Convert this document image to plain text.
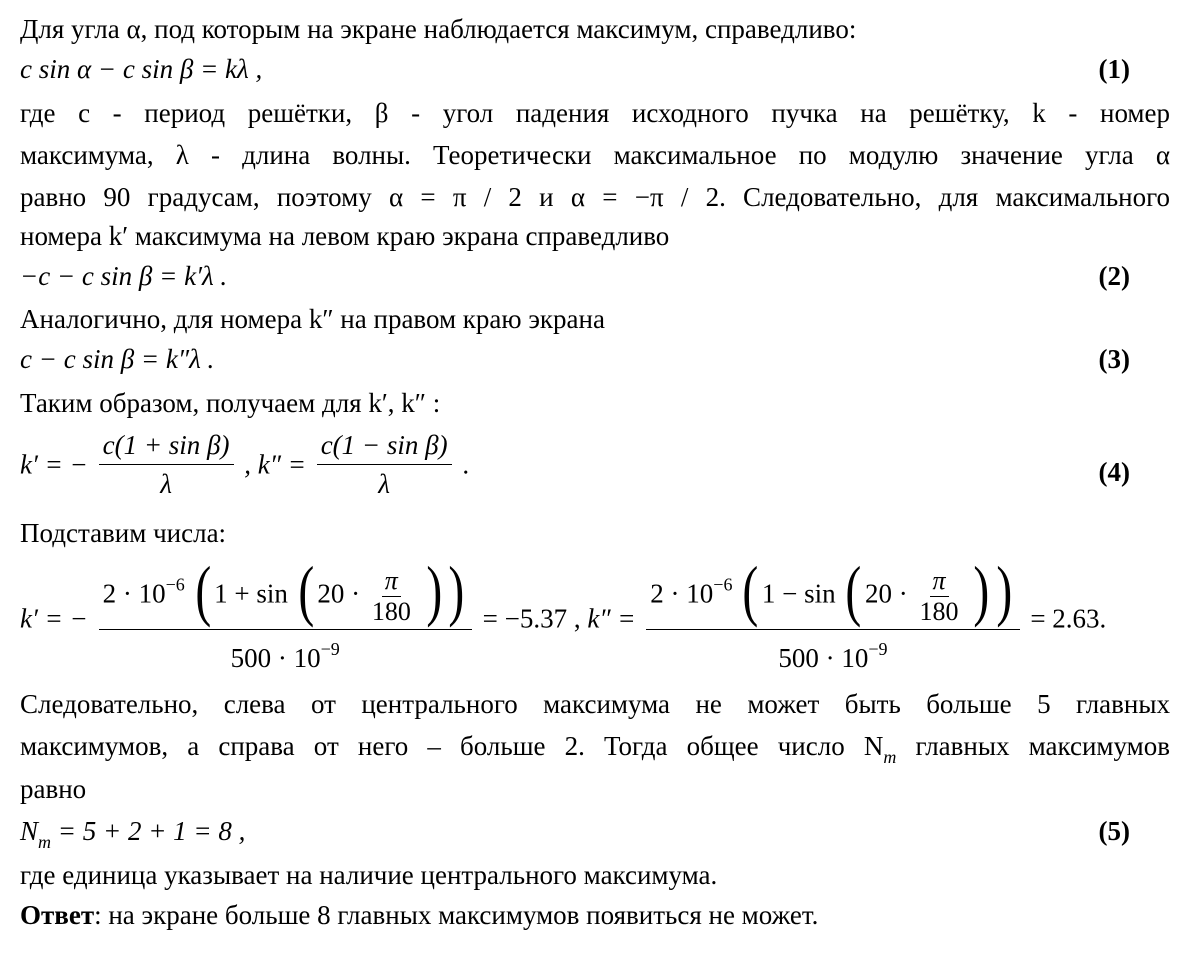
Для угла α, под которым на экране наблюдается максимум, справедливо:
c sin α − c sin β = kλ ,	(1)
где c - период решётки, β - угол падения исходного пучка на решётку, k - номер
максимума, λ - длина волны. Теоретически максимальное по модулю значение угла α
равно 90 градусам, поэтому α = π / 2 и α = −π / 2. Следовательно, для максимального
номера k′ максимума на левом краю экрана справедливо
−c − c sin β = k′λ .	(2)
Аналогично, для номера k″ на правом краю экрана
c − c sin β = k″λ .	(3)
Таким образом, получаем для k′, k″ :
k′ = − $\frac{\text{c(1 + sin β)}}{\lambda}$ , $k'' = \frac{\text{c(1 − sin β)}}{\lambda}$ .	(4)
Подставим числа:
k′ = −
$2 \cdot 10^{-6}$ ( 1 + sin ( $20 \cdot \frac{\pi}{180}$ ))
$500 \cdot 10^{-9}$
= −5.37 , k″ =
$2 \cdot 10^{-6}$ ( 1 − sin ( $20 \cdot \frac{\pi}{180}$ ))
$500 \cdot 10^{-9}$
= 2.63.
Следовательно, слева от центрального максимума не может быть больше 5 главных
максимумов, а справа от него – больше 2. Тогда общее число $N_m$ главных максимумов
равно
$N_m = 5 + 2 + 1 = 8$ ,	(5)
где единица указывает на наличие центрального максимума.
Ответ: на экране больше 8 главных максимумов появиться не может.
